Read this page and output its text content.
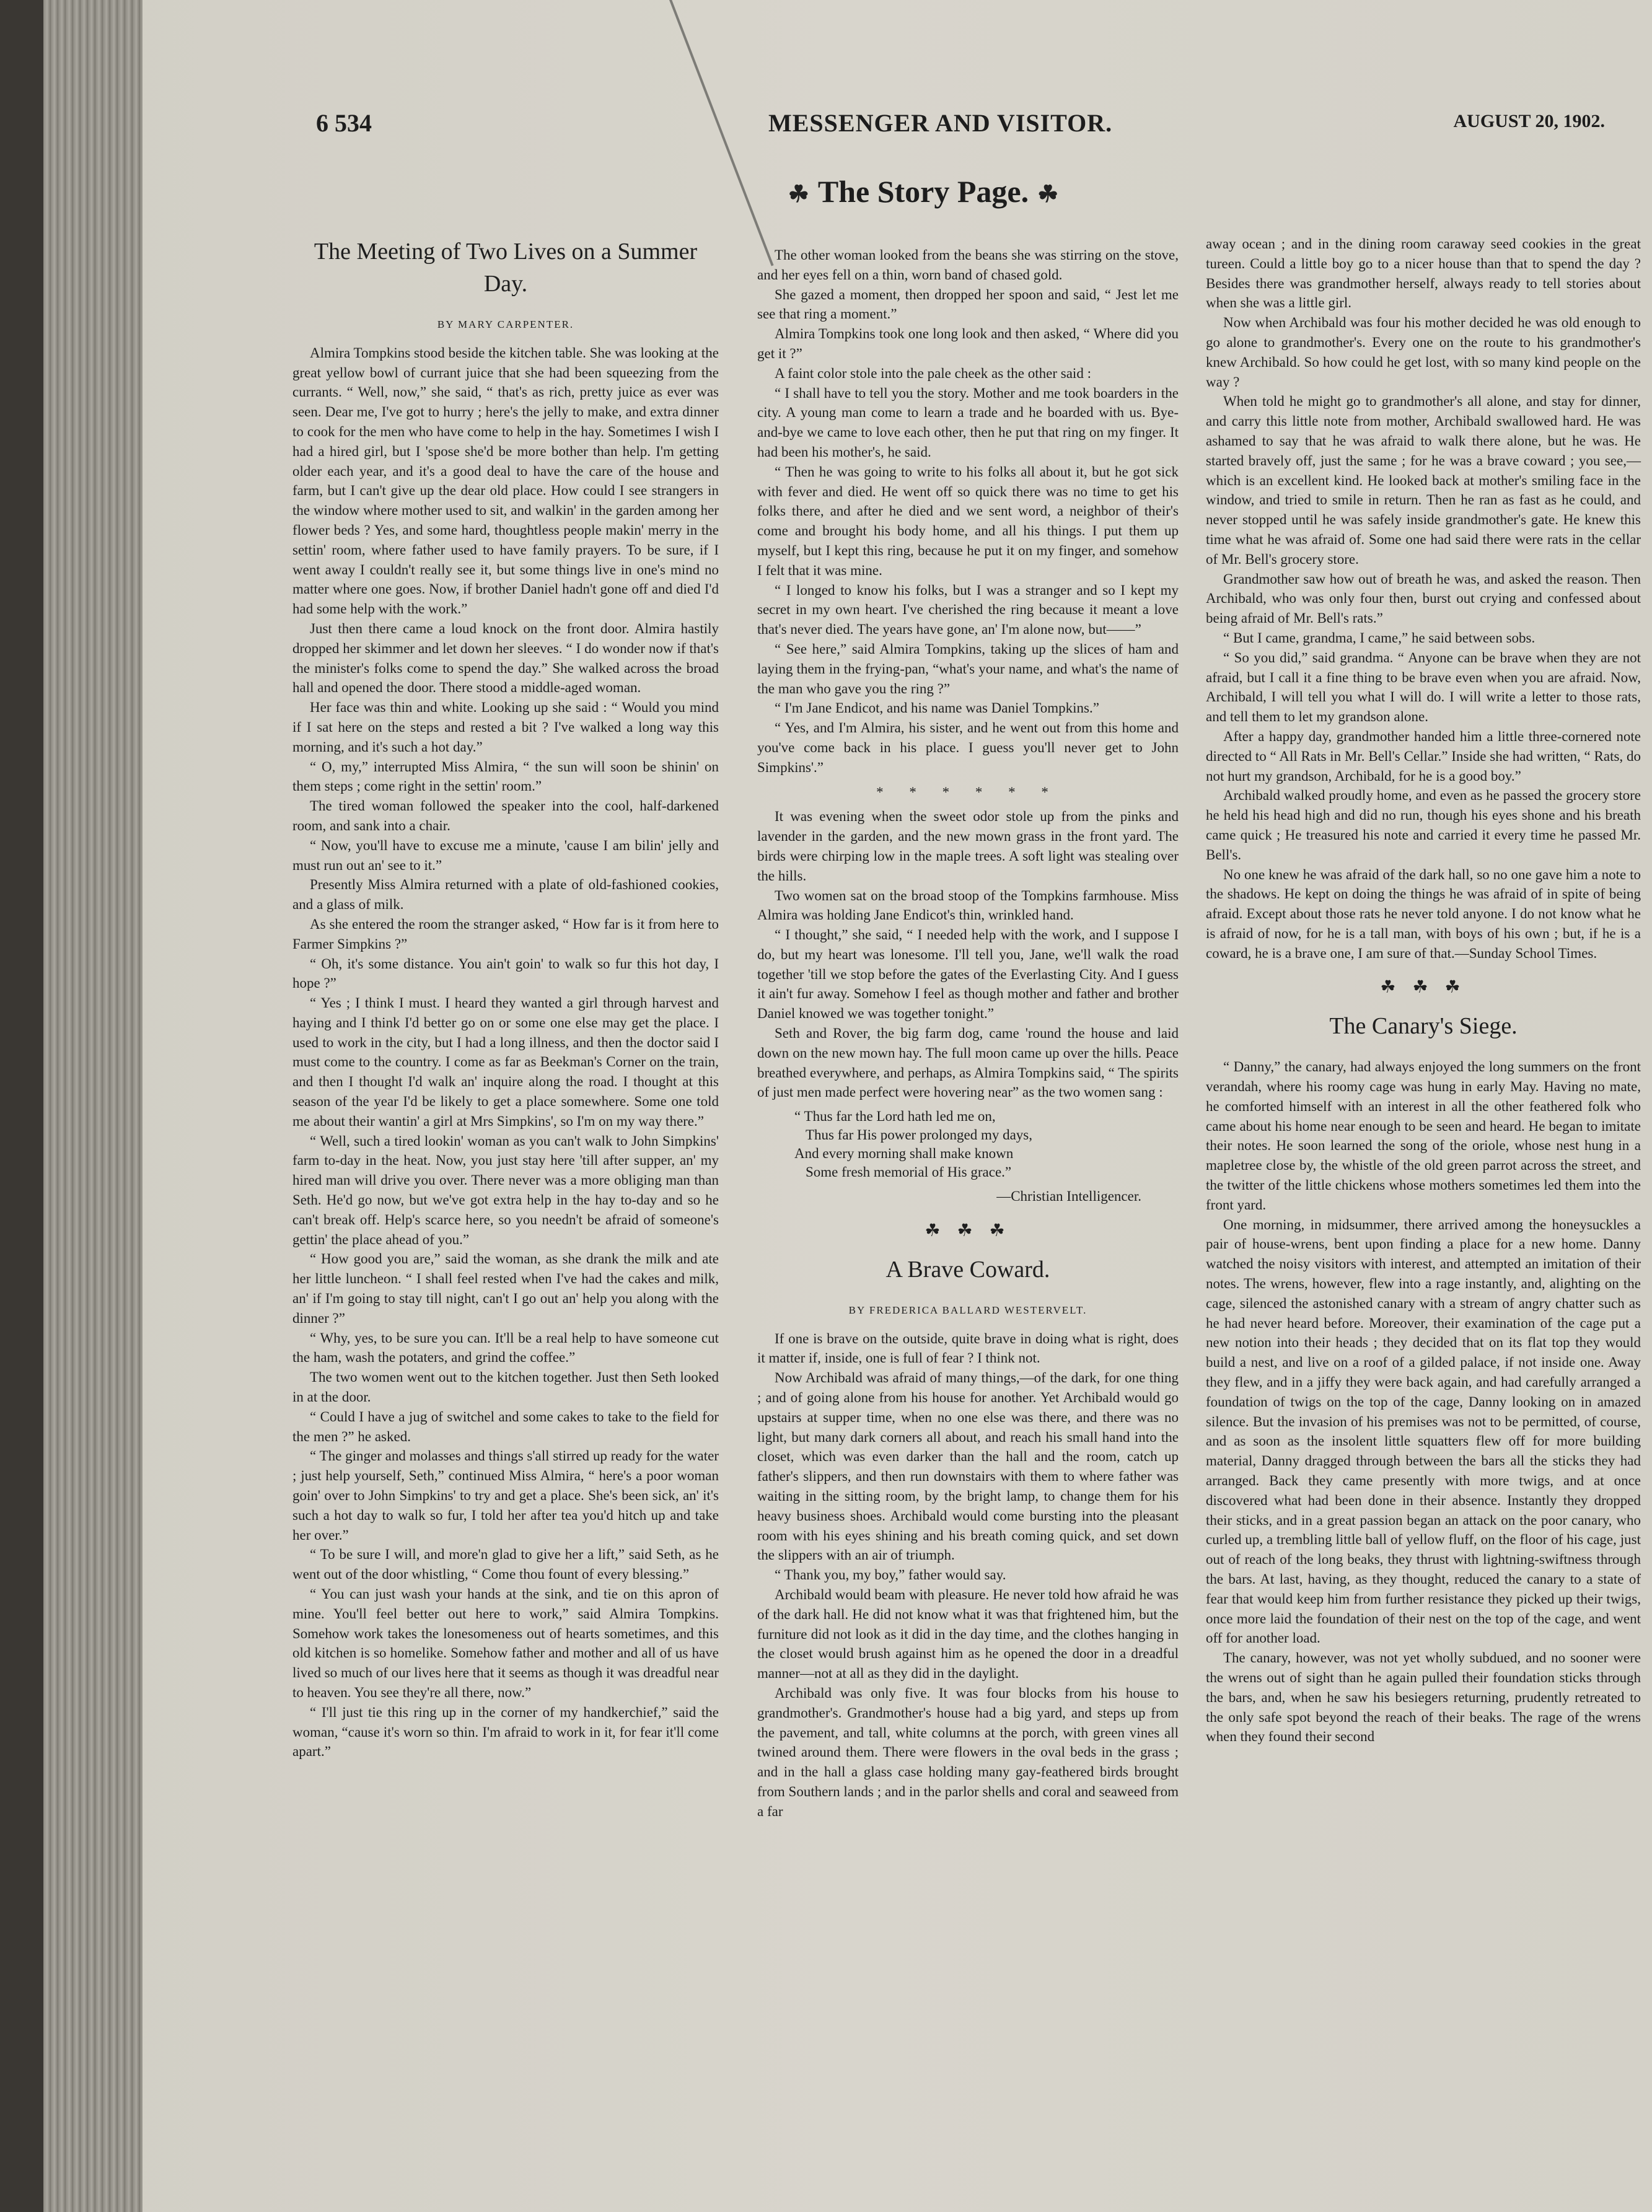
6 534	MESSENGER AND VISITOR.	AUGUST 20, 1902.
☘ The Story Page. ☘
The Meeting of Two Lives on a Summer Day.
BY MARY CARPENTER.

Almira Tompkins stood beside the kitchen table. She was looking at the great yellow bowl of currant juice that she had been squeezing from the currants. “ Well, now,” she said, “ that's as rich, pretty juice as ever was seen. Dear me, I've got to hurry ; here's the jelly to make, and extra dinner to cook for the men who have come to help in the hay. Sometimes I wish I had a hired girl, but I 'spose she'd be more bother than help. I'm getting older each year, and it's a good deal to have the care of the house and farm, but I can't give up the dear old place. How could I see strangers in the window where mother used to sit, and walkin' in the garden among her flower beds ? Yes, and some hard, thoughtless people makin' merry in the settin' room, where father used to have family prayers. To be sure, if I went away I couldn't really see it, but some things live in one's mind no matter where one goes. Now, if brother Daniel hadn't gone off and died I'd had some help with the work.”

Just then there came a loud knock on the front door. Almira hastily dropped her skimmer and let down her sleeves. “ I do wonder now if that's the minister's folks come to spend the day.” She walked across the broad hall and opened the door. There stood a middle-aged woman.

Her face was thin and white. Looking up she said : “ Would you mind if I sat here on the steps and rested a bit ? I've walked a long way this morning, and it's such a hot day.”

“ O, my,” interrupted Miss Almira, “ the sun will soon be shinin' on them steps ; come right in the settin' room.”

The tired woman followed the speaker into the cool, half-darkened room, and sank into a chair.

“ Now, you'll have to excuse me a minute, 'cause I am bilin' jelly and must run out an' see to it.”

Presently Miss Almira returned with a plate of old-fashioned cookies, and a glass of milk.

As she entered the room the stranger asked, “ How far is it from here to Farmer Simpkins ?”

“ Oh, it's some distance. You ain't goin' to walk so fur this hot day, I hope ?”

“ Yes ; I think I must. I heard they wanted a girl through harvest and haying and I think I'd better go on or some one else may get the place. I used to work in the city, but I had a long illness, and then the doctor said I must come to the country. I come as far as Beekman's Corner on the train, and then I thought I'd walk an' inquire along the road. I thought at this season of the year I'd be likely to get a place somewhere. Some one told me about their wantin' a girl at Mrs Simpkins', so I'm on my way there.”

“ Well, such a tired lookin' woman as you can't walk to John Simpkins' farm to-day in the heat. Now, you just stay here 'till after supper, an' my hired man will drive you over. There never was a more obliging man than Seth. He'd go now, but we've got extra help in the hay to-day and so he can't break off. Help's scarce here, so you needn't be afraid of someone's gettin' the place ahead of you.”

“ How good you are,” said the woman, as she drank the milk and ate her little luncheon. “ I shall feel rested when I've had the cakes and milk, an' if I'm going to stay till night, can't I go out an' help you along with the dinner ?”

“ Why, yes, to be sure you can. It'll be a real help to have someone cut the ham, wash the potaters, and grind the coffee.”

The two women went out to the kitchen together. Just then Seth looked in at the door.

“ Could I have a jug of switchel and some cakes to take to the field for the men ?” he asked.

“ The ginger and molasses and things s'all stirred up ready for the water ; just help yourself, Seth,” continued Miss Almira, “ here's a poor woman goin' over to John Simpkins' to try and get a place. She's been sick, an' it's such a hot day to walk so fur, I told her after tea you'd hitch up and take her over.”

“ To be sure I will, and more'n glad to give her a lift,” said Seth, as he went out of the door whistling, “ Come thou fount of every blessing.”

“ You can just wash your hands at the sink, and tie on this apron of mine. You'll feel better out here to work,” said Almira Tompkins. Somehow work takes the lonesomeness out of hearts sometimes, and this old kitchen is so homelike. Somehow father and mother and all of us have lived so much of our lives here that it seems as though it was dreadful near to heaven. You see they're all there, now.”

“ I'll just tie this ring up in the corner of my handkerchief,” said the woman, “cause it's worn so thin. I'm afraid to work in it, for fear it'll come apart.”

The other woman looked from the beans she was stirring on the stove, and her eyes fell on a thin, worn band of chased gold.

She gazed a moment, then dropped her spoon and said, “ Jest let me see that ring a moment.”

Almira Tompkins took one long look and then asked, “ Where did you get it ?”

A faint color stole into the pale cheek as the other said :

“ I shall have to tell you the story. Mother and me took boarders in the city. A young man come to learn a trade and he boarded with us. Bye-and-bye we came to love each other, then he put that ring on my finger. It had been his mother's, he said.

“ Then he was going to write to his folks all about it, but he got sick with fever and died. He went off so quick there was no time to get his folks there, and after he died and we sent word, a neighbor of their's come and brought his body home, and all his things. I put them up myself, but I kept this ring, because he put it on my finger, and somehow I felt that it was mine.

“ I longed to know his folks, but I was a stranger and so I kept my secret in my own heart. I've cherished the ring because it meant a love that's never died. The years have gone, an' I'm alone now, but——”

“ See here,” said Almira Tompkins, taking up the slices of ham and laying them in the frying-pan, “what's your name, and what's the name of the man who gave you the ring ?”

“ I'm Jane Endicot, and his name was Daniel Tompkins.”

“ Yes, and I'm Almira, his sister, and he went out from this home and you've come back in his place. I guess you'll never get to John Simpkins'.”

* * * * * *

It was evening when the sweet odor stole up from the pinks and lavender in the garden, and the new mown grass in the front yard. The birds were chirping low in the maple trees. A soft light was stealing over the hills.

Two women sat on the broad stoop of the Tompkins farmhouse. Miss Almira was holding Jane Endicot's thin, wrinkled hand.

“ I thought,” she said, “ I needed help with the work, and I suppose I do, but my heart was lonesome. I'll tell you, Jane, we'll walk the road together 'till we stop before the gates of the Everlasting City. And I guess it ain't fur away. Somehow I feel as though mother and father and brother Daniel knowed we was together tonight.”

Seth and Rover, the big farm dog, came 'round the house and laid down on the new mown hay. The full moon came up over the hills. Peace breathed everywhere, and perhaps, as Almira Tompkins said, “ The spirits of just men made perfect were hovering near” as the two women sang :

“ Thus far the Lord hath led me on,
Thus far His power prolonged my days,
And every morning shall make known
Some fresh memorial of His grace.”
—Christian Intelligencer.
☘ ☘ ☘
A Brave Coward.
BY FREDERICA BALLARD WESTERVELT.

If one is brave on the outside, quite brave in doing what is right, does it matter if, inside, one is full of fear ? I think not.

Now Archibald was afraid of many things,—of the dark, for one thing ; and of going alone from his house for another. Yet Archibald would go upstairs at supper time, when no one else was there, and there was no light, but many dark corners all about, and reach his small hand into the closet, which was even darker than the hall and the room, catch up father's slippers, and then run downstairs with them to where father was waiting in the sitting room, by the bright lamp, to change them for his heavy business shoes. Archibald would come bursting into the pleasant room with his eyes shining and his breath coming quick, and set down the slippers with an air of triumph.

“ Thank you, my boy,” father would say.

Archibald would beam with pleasure. He never told how afraid he was of the dark hall. He did not know what it was that frightened him, but the furniture did not look as it did in the day time, and the clothes hanging in the closet would brush against him as he opened the door in a dreadful manner—not at all as they did in the daylight.

Archibald was only five. It was four blocks from his house to grandmother's. Grandmother's house had a big yard, and steps up from the pavement, and tall, white columns at the porch, with green vines all twined around them. There were flowers in the oval beds in the grass ; and in the hall a glass case holding many gay-feathered birds brought from Southern lands ; and in the parlor shells and coral and seaweed from a far

away ocean ; and in the dining room caraway seed cookies in the great tureen. Could a little boy go to a nicer house than that to spend the day ? Besides there was grandmother herself, always ready to tell stories about when she was a little girl.

Now when Archibald was four his mother decided he was old enough to go alone to grandmother's. Every one on the route to his grandmother's knew Archibald. So how could he get lost, with so many kind people on the way ?

When told he might go to grandmother's all alone, and stay for dinner, and carry this little note from mother, Archibald swallowed hard. He was ashamed to say that he was afraid to walk there alone, but he was. He started bravely off, just the same ; for he was a brave coward ; you see,—which is an excellent kind. He looked back at mother's smiling face in the window, and tried to smile in return. Then he ran as fast as he could, and never stopped until he was safely inside grandmother's gate. He knew this time what he was afraid of. Some one had said there were rats in the cellar of Mr. Bell's grocery store.

Grandmother saw how out of breath he was, and asked the reason. Then Archibald, who was only four then, burst out crying and confessed about being afraid of Mr. Bell's rats.”

“ But I came, grandma, I came,” he said between sobs.

“ So you did,” said grandma. “ Anyone can be brave when they are not afraid, but I call it a fine thing to be brave even when you are afraid. Now, Archibald, I will tell you what I will do. I will write a letter to those rats, and tell them to let my grandson alone.

After a happy day, grandmother handed him a little three-cornered note directed to “ All Rats in Mr. Bell's Cellar.” Inside she had written, “ Rats, do not hurt my grandson, Archibald, for he is a good boy.”

Archibald walked proudly home, and even as he passed the grocery store he held his head high and did no run, though his eyes shone and his breath came quick ; He treasured his note and carried it every time he passed Mr. Bell's.

No one knew he was afraid of the dark hall, so no one gave him a note to the shadows. He kept on doing the things he was afraid of in spite of being afraid. Except about those rats he never told anyone. I do not know what he is afraid of now, for he is a tall man, with boys of his own ; but, if he is a coward, he is a brave one, I am sure of that.—Sunday School Times.

☘ ☘ ☘
The Canary's Siege.

“ Danny,” the canary, had always enjoyed the long summers on the front verandah, where his roomy cage was hung in early May. Having no mate, he comforted himself with an interest in all the other feathered folk who came about his home near enough to be seen and heard. He began to imitate their notes. He soon learned the song of the oriole, whose nest hung in a mapletree close by, the whistle of the old green parrot across the street, and the twitter of the little chickens whose mothers sometimes led them into the front yard.

One morning, in midsummer, there arrived among the honeysuckles a pair of house-wrens, bent upon finding a place for a new home. Danny watched the noisy visitors with interest, and attempted an imitation of their notes. The wrens, however, flew into a rage instantly, and, alighting on the cage, silenced the astonished canary with a stream of angry chatter such as he had never heard before. Moreover, their examination of the cage put a new notion into their heads ; they decided that on its flat top they would build a nest, and live on a roof of a gilded palace, if not inside one. Away they flew, and in a jiffy they were back again, and had carefully arranged a foundation of twigs on the top of the cage, Danny looking on in amazed silence. But the invasion of his premises was not to be permitted, of course, and as soon as the insolent little squatters flew off for more building material, Danny dragged through between the bars all the sticks they had arranged. Back they came presently with more twigs, and at once discovered what had been done in their absence. Instantly they dropped their sticks, and in a great passion began an attack on the poor canary, who curled up, a trembling little ball of yellow fluff, on the floor of his cage, just out of reach of the long beaks, they thrust with lightning-swiftness through the bars. At last, having, as they thought, reduced the canary to a state of fear that would keep him from further resistance they picked up their twigs, once more laid the foundation of their nest on the top of the cage, and went off for another load.

The canary, however, was not yet wholly subdued, and no sooner were the wrens out of sight than he again pulled their foundation sticks through the bars, and, when he saw his besiegers returning, prudently retreated to the only safe spot beyond the reach of their beaks. The rage of the wrens when they found their second
